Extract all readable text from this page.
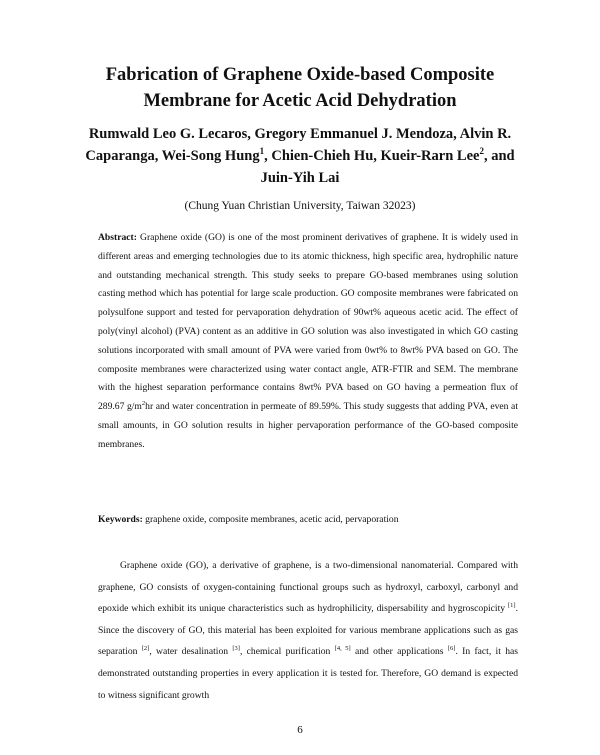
Fabrication of Graphene Oxide-based Composite
Membrane for Acetic Acid Dehydration
Rumwald Leo G. Lecaros, Gregory Emmanuel J. Mendoza, Alvin R.
Caparanga, Wei-Song Hung$^1$, Chien-Chieh Hu, Kueir-Rarn Lee$^2$, and
Juin-Yih Lai
(Chung Yuan Christian University, Taiwan 32023)
Abstract: Graphene oxide (GO) is one of the most prominent derivatives of graphene. It is widely used in different areas and emerging technologies due to its atomic thickness, high specific area, hydrophilic nature and outstanding mechanical strength. This study seeks to prepare GO-based membranes using solution casting method which has potential for large scale production. GO composite membranes were fabricated on polysulfone support and tested for pervaporation dehydration of 90wt% aqueous acetic acid. The effect of poly(vinyl alcohol) (PVA) content as an additive in GO solution was also investigated in which GO casting solutions incorporated with small amount of PVA were varied from 0wt% to 8wt% PVA based on GO. The composite membranes were characterized using water contact angle, ATR-FTIR and SEM. The membrane with the highest separation performance contains 8wt% PVA based on GO having a permeation flux of 289.67 $g/m^2hr$ and water concentration in permeate of 89.59%. This study suggests that adding PVA, even at small amounts, in GO solution results in higher pervaporation performance of the GO-based composite membranes.
Keywords: graphene oxide, composite membranes, acetic acid, pervaporation
Graphene oxide (GO), a derivative of graphene, is a two-dimensional nanomaterial. Compared with graphene, GO consists of oxygen-containing functional groups such as hydroxyl, carboxyl, carbonyl and epoxide which exhibit its unique characteristics such as hydrophilicity, dispersability and hygroscopicity [1]. Since the discovery of GO, this material has been exploited for various membrane applications such as gas separation [2], water desalination [3], chemical purification [4, 5] and other applications [6]. In fact, it has demonstrated outstanding properties in every application it is tested for. Therefore, GO demand is expected to witness significant growth
6
